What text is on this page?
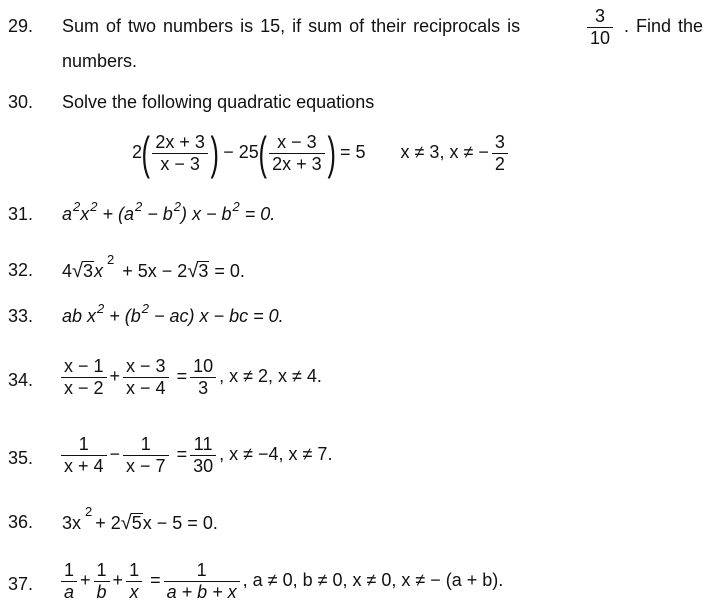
29. Sum of two numbers is 15, if sum of their reciprocals is	$\frac{3}{10}$ . Find the
numbers.
30. Solve the following quadratic equations
$2( \frac{2x + 3}{x - 3}$ ) − $25( \frac{x - 3}{2x + 3}$ ) = 5 x ≠ 3, x ≠ − $\frac{3}{2}$
31. $a^2x^2 + (a^2 - b^2) x - b^2 = 0$.
32. $4√3x^2 + 5x - 2√3 = 0$.
33. ab $x^2 + (b^2 - ac) x$ − bc = 0.
34. $\frac{x - 1}{x - 2} + \frac{x - 3}{x - 4} = \frac{10}{3}$ , x ≠ 2, x ≠ 4.
35. $\frac{1}{x + 4} - \frac{1}{x - 7} = \frac{11}{30}$ , x ≠ −4, x ≠ 7.
36. $3x^2+ 2√5x - 5 = 0$.
37. $\frac{1}{a} + \frac{1}{b} + \frac{1}{x} = \frac{1}{a + b + x}$ , a ≠ 0, b ≠ 0, x ≠ 0, x ≠ − (a + b).
